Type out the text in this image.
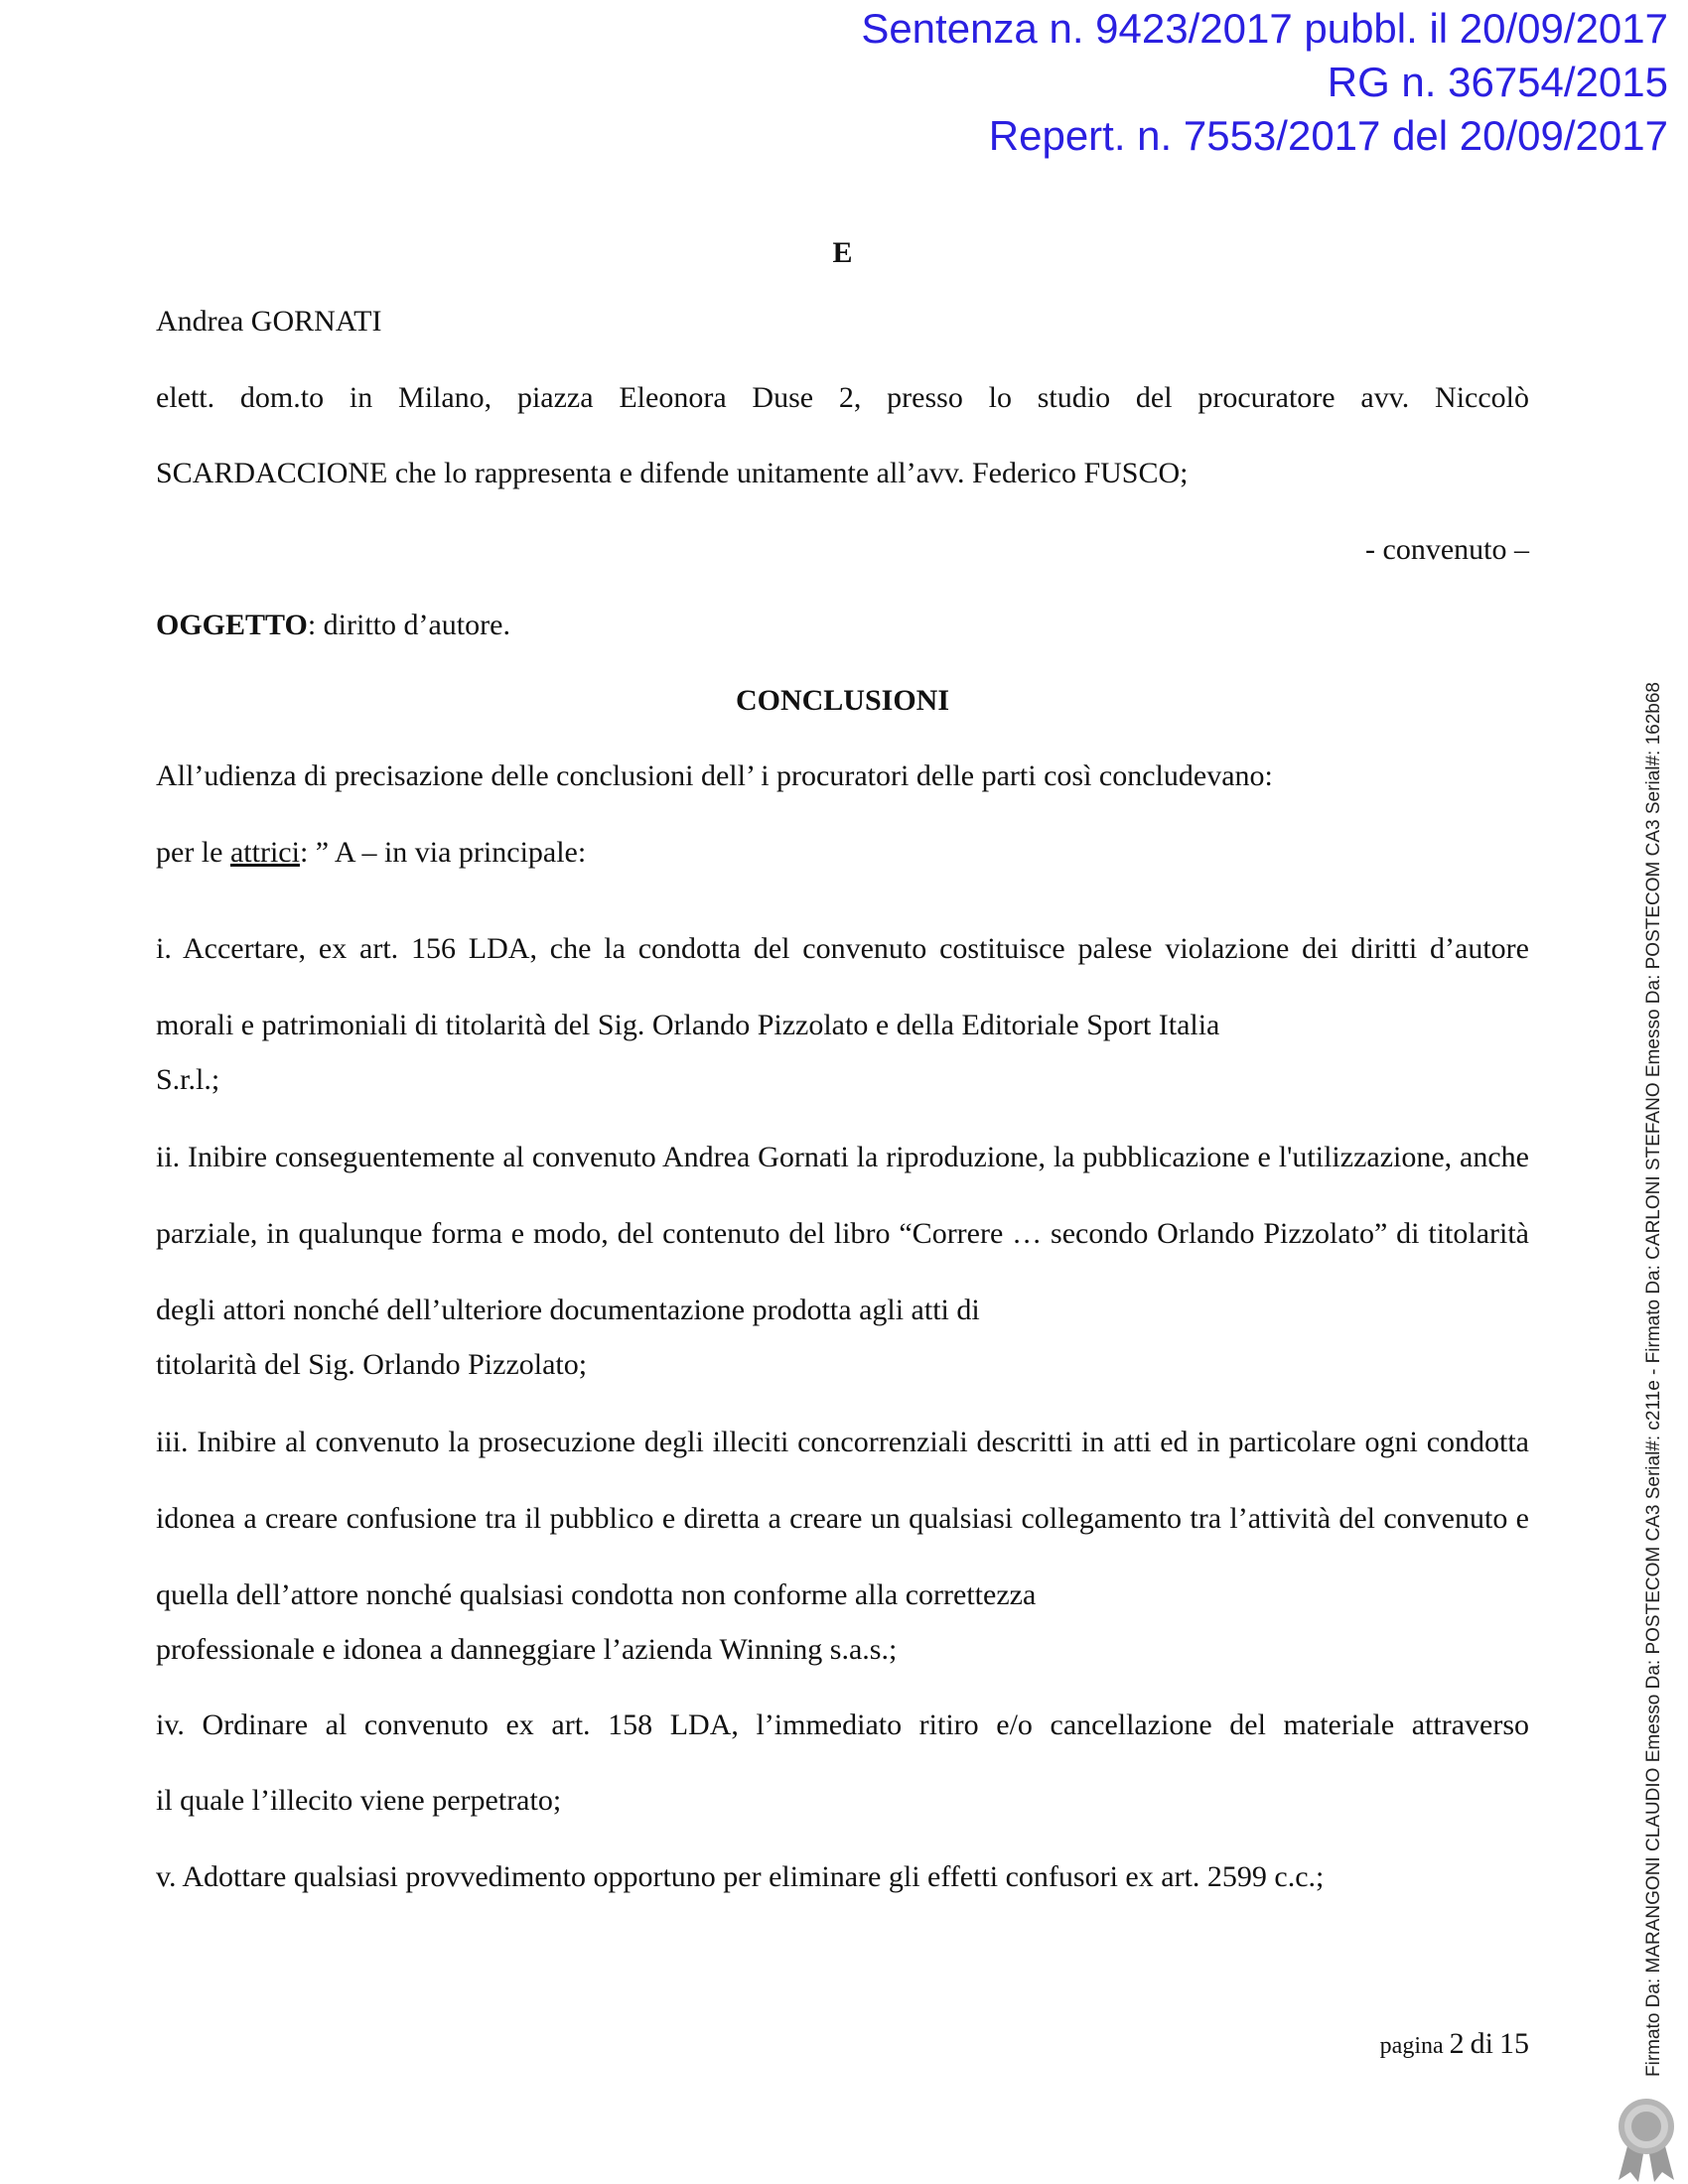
Sentenza n. 9423/2017 pubbl. il 20/09/2017
RG n. 36754/2015
Repert. n. 7553/2017 del 20/09/2017
E
Andrea GORNATI
elett. dom.to in Milano, piazza Eleonora Duse 2, presso lo studio del procuratore avv. Niccolò
SCARDACCIONE che lo rappresenta e difende unitamente all’avv. Federico FUSCO;
- convenuto –
OGGETTO: diritto d’autore.
CONCLUSIONI
All’udienza di precisazione delle conclusioni dell’ i procuratori delle parti così concludevano:
per le attrici: ” A – in via principale:
i. Accertare, ex art. 156 LDA, che la condotta del convenuto costituisce palese violazione dei diritti d’autore morali e patrimoniali di titolarità del Sig. Orlando Pizzolato e della Editoriale Sport Italia
S.r.l.;
ii. Inibire conseguentemente al convenuto Andrea Gornati la riproduzione, la pubblicazione e l'utilizzazione, anche parziale, in qualunque forma e modo, del contenuto del libro “Correre … secondo Orlando Pizzolato” di titolarità degli attori nonché dell’ulteriore documentazione prodotta agli atti di
titolarità del Sig. Orlando Pizzolato;
iii. Inibire al convenuto la prosecuzione degli illeciti concorrenziali descritti in atti ed in particolare ogni condotta idonea a creare confusione tra il pubblico e diretta a creare un qualsiasi collegamento tra l’attività del convenuto e quella dell’attore nonché qualsiasi condotta non conforme alla correttezza
professionale e idonea a danneggiare l’azienda Winning s.a.s.;
iv. Ordinare al convenuto ex art. 158 LDA, l’immediato ritiro e/o cancellazione del materiale attraverso
il quale l’illecito viene perpetrato;
v. Adottare qualsiasi provvedimento opportuno per eliminare gli effetti confusori ex art. 2599 c.c.;
pagina 2 di 15	Firmato Da: MARANGONI CLAUDIO Emesso Da: POSTECOM CA3 Serial#: c211e - Firmato Da: CARLONI STEFANO Emesso Da: POSTECOM CA3 Serial#: 162b68
